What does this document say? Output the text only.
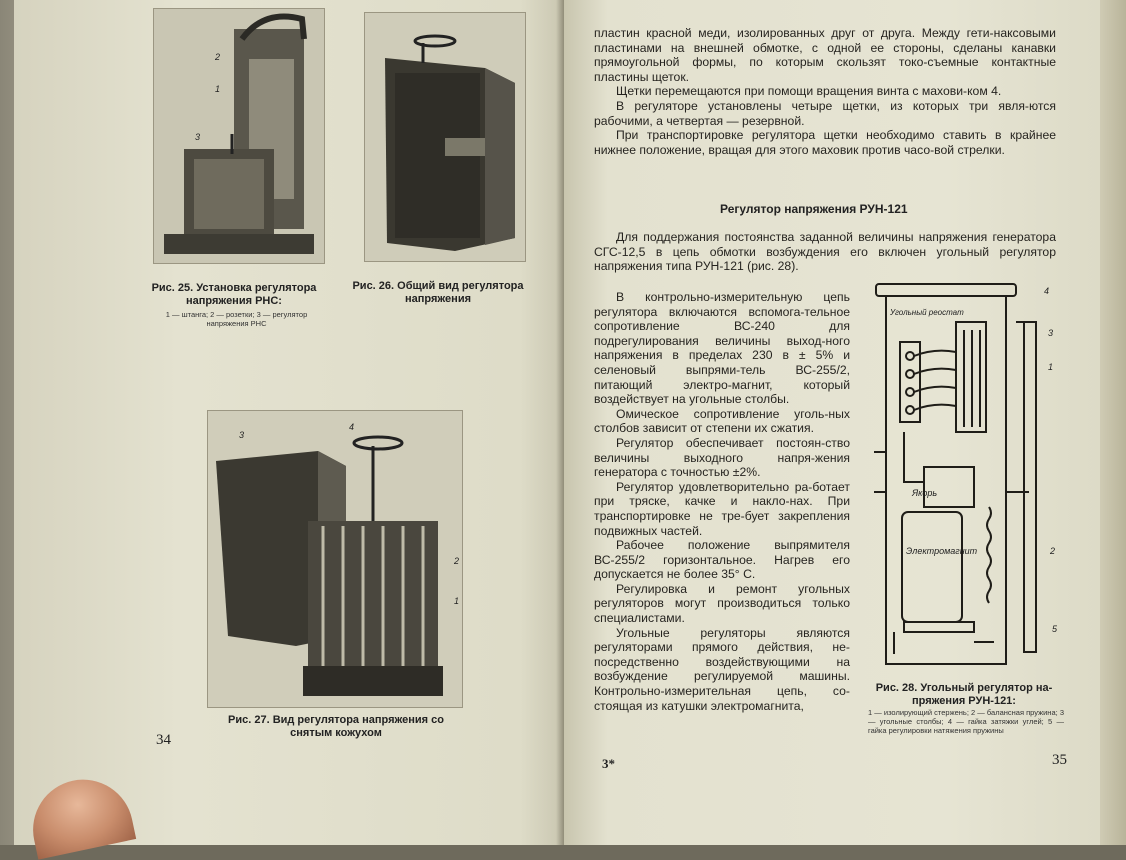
2
1
3
Рис. 25. Установка регулятора напряжения РНС:
1 — штанга; 2 — розетки; 3 — регулятор напряжения РНС
Рис. 26. Общий вид регулятора напряжения
3
4
2
1
Рис. 27. Вид регулятора напряжения со снятым кожухом
34

пластин красной меди, изолированных друг от друга. Между гети-наксовыми пластинами на внешней обмотке, с одной ее стороны, сделаны канавки прямоугольной формы, по которым скользят токо-съемные контактные пластины щеток.

Щетки перемещаются при помощи вращения винта с махови-ком 4.

В регуляторе установлены четыре щетки, из которых три явля-ются рабочими, а четвертая — резервной.

При транспортировке регулятора щетки необходимо ставить в крайнее нижнее положение, вращая для этого маховик против часо-вой стрелки.

Регулятор напряжения РУН-121

Для поддержания постоянства заданной величины напряжения генератора СГС-12,5 в цепь обмотки возбуждения его включен угольный регулятор напряжения типа РУН-121 (рис. 28).

В контрольно-измерительную цепь регулятора включаются вспомога-тельное сопротивление ВС-240 для подрегулирования величины выход-ного напряжения в пределах 230 в ± 5% и селеновый выпрями-тель ВС-255/2, питающий электро-магнит, который воздействует на угольные столбы.

Омическое сопротивление уголь-ных столбов зависит от степени их сжатия.

Регулятор обеспечивает постоян-ство величины выходного напря-жения генератора с точностью ±2%.

Регулятор удовлетворительно ра-ботает при тряске, качке и накло-нах. При транспортировке не тре-бует закрепления подвижных частей.

Рабочее положение выпрямителя ВС-255/2 горизонтальное. Нагрев его допускается не более 35° С.

Регулировка и ремонт угольных регуляторов могут производиться только специалистами.

Угольные регуляторы являются регуляторами прямого действия, не-посредственно воздействующими на возбуждение регулируемой машины. Контрольно-измерительная цепь, со-стоящая из катушки электромагнита,

Угольный реостат
Якорь
Электромагнит
4
3
1
2
5
Рис. 28. Угольный регулятор на-пряжения РУН-121:
1 — изолирующий стержень; 2 — балансная пружина; 3 — угольные столбы; 4 — гайка затяжки углей; 5 — гайка регулировки натяжения пружины
3*	35
